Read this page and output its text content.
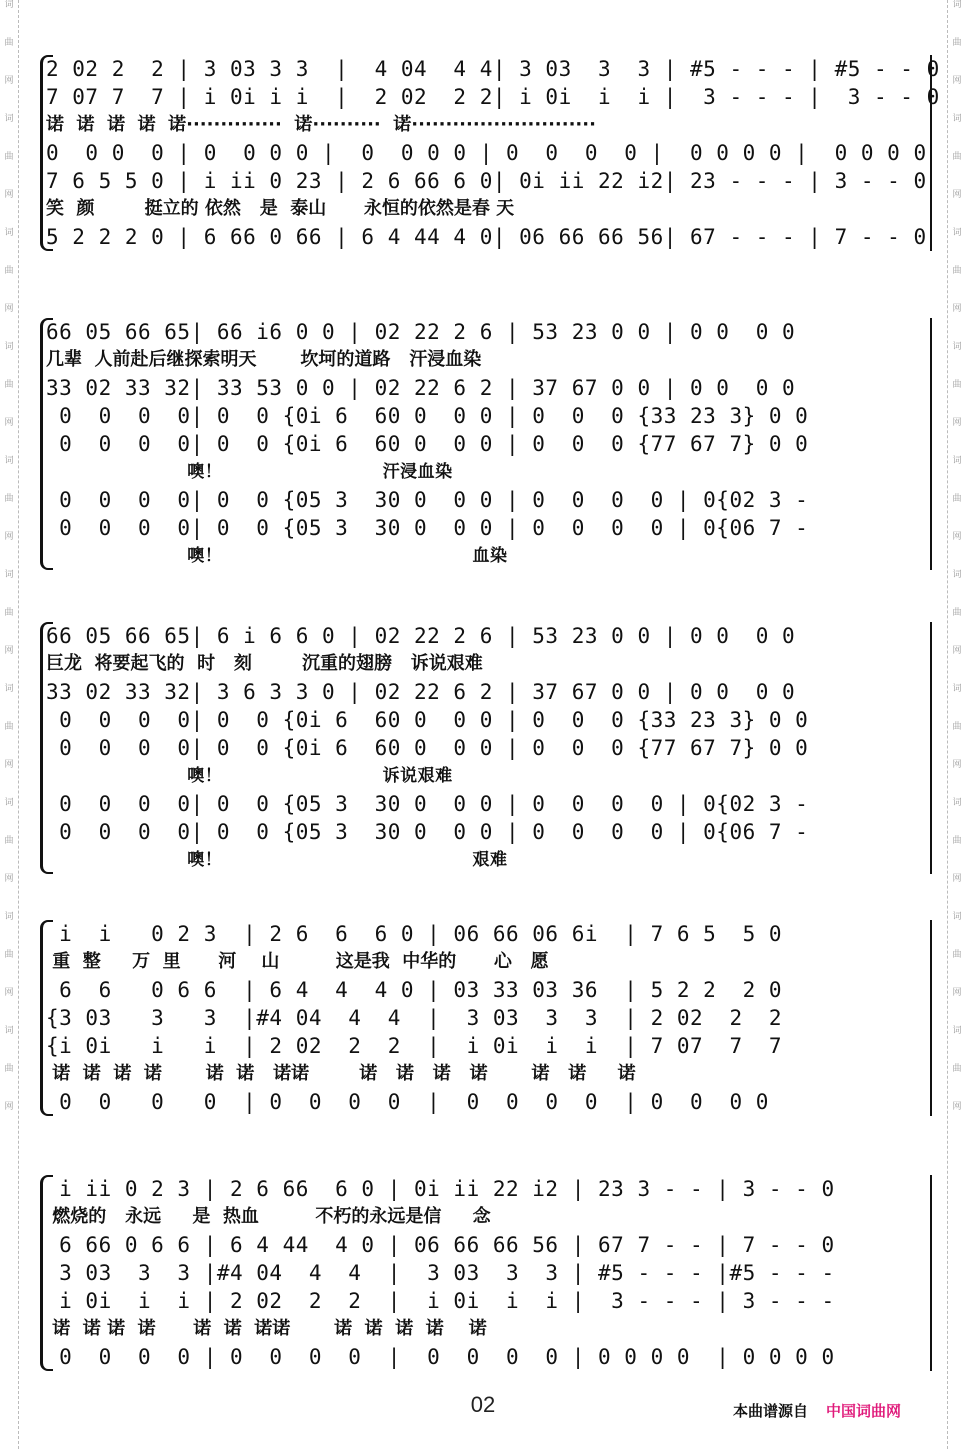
词
曲
网
词
曲
网
词
曲
网
词
曲
网
词
曲
网
词
曲
网
词
曲
网
词
曲
网
词
曲
网
词
曲
网
词
曲
网
词
曲
网
词
曲
网
词
曲
网
词
曲
网
词
曲
网
词
曲
网
词
曲
网
词
曲
网
词
曲
网
2 02 2  2 | 3 03 3 3  |  4 04  4 4| 3 03  3  3 | #5 - - - | #5 - - 0
7 07 7  7 | i 0i i i  |  2 02  2 2| i 0i  i  i |  3 - - - |  3 - - 0
诺  诺  诺  诺  诺··············  诺··········  诺···························
0  0 0  0 | 0  0 0 0 |  0  0 0 0 | 0  0  0  0 |  0 0 0 0 |  0 0 0 0
7 6 5 5 0 | i ii 0 23 | 2 6 66 6 0| 0i ii 22 i2| 23 - - - | 3 - - 0
笑  颜        挺立的 依然   是  泰山      永恒的依然是春 天
5 2 2 2 0 | 6 66 0 66 | 6 4 44 4 0| 06 66 66 56| 67 - - - | 7 - - 0
66 05 66 65| 66 i6 0 0 | 02 22 2 6 | 53 23 0 0 | 0 0  0 0
几辈  人前赴后继探索明天       坎坷的道路   汗浸血染
33 02 33 32| 33 53 0 0 | 02 22 6 2 | 37 67 0 0 | 0 0  0 0
0  0  0  0| 0  0 {0i 6  60 0  0 0 | 0  0  0 {33 23 3} 0 0
0  0  0  0| 0  0 {0i 6  60 0  0 0 | 0  0  0 {77 67 7} 0 0
噢！                         汗浸血染
0  0  0  0| 0  0 {05 3  30 0  0 0 | 0  0  0  0 | 0{02 3 -
0  0  0  0| 0  0 {05 3  30 0  0 0 | 0  0  0  0 | 0{06 7 -
噢！                                       血染
66 05 66 65| 6 i 6 6 0 | 02 22 2 6 | 53 23 0 0 | 0 0  0 0
巨龙  将要起飞的  时   刻        沉重的翅膀   诉说艰难
33 02 33 32| 3 6 3 3 0 | 02 22 6 2 | 37 67 0 0 | 0 0  0 0
0  0  0  0| 0  0 {0i 6  60 0  0 0 | 0  0  0 {33 23 3} 0 0
0  0  0  0| 0  0 {0i 6  60 0  0 0 | 0  0  0 {77 67 7} 0 0
噢！                         诉说艰难
0  0  0  0| 0  0 {05 3  30 0  0 0 | 0  0  0  0 | 0{02 3 -
0  0  0  0| 0  0 {05 3  30 0  0 0 | 0  0  0  0 | 0{06 7 -
噢！                                       艰难
i  i   0 2 3  | 2 6  6  6 0 | 06 66 06 6i  | 7 6 5  5 0
重  整     万  里      河    山         这是我  中华的      心   愿
6  6   0 6 6  | 6 4  4  4 0 | 03 33 03 36  | 5 2 2  2 0
{3 03   3   3  |#4 04  4  4  |  3 03  3  3  | 2 02  2  2
{i 0i   i   i  | 2 02  2  2  |  i 0i  i  i  | 7 07  7  7
诺  诺  诺  诺       诺  诺   诺诺        诺   诺   诺   诺       诺   诺     诺
0  0   0   0  | 0  0  0  0  |  0  0  0  0  | 0  0  0 0
i ii 0 2 3 | 2 6 66  6 0 | 0i ii 22 i2 | 23 3 - - | 3 - - 0
燃烧的   永远     是  热血         不朽的永远是信     念
6 66 0 6 6 | 6 4 44  4 0 | 06 66 66 56 | 67 7 - - | 7 - - 0
3 03  3  3 |#4 04  4  4  |  3 03  3  3 | #5 - - - |#5 - - -
i 0i  i  i | 2 02  2  2  |  i 0i  i  i |  3 - - - | 3 - - -
诺  诺 诺  诺      诺  诺  诺诺       诺  诺  诺  诺    诺
0  0  0  0 | 0  0  0  0  |  0  0  0  0 | 0 0 0 0  | 0 0 0 0
02	本曲谱源自 中国词曲网
